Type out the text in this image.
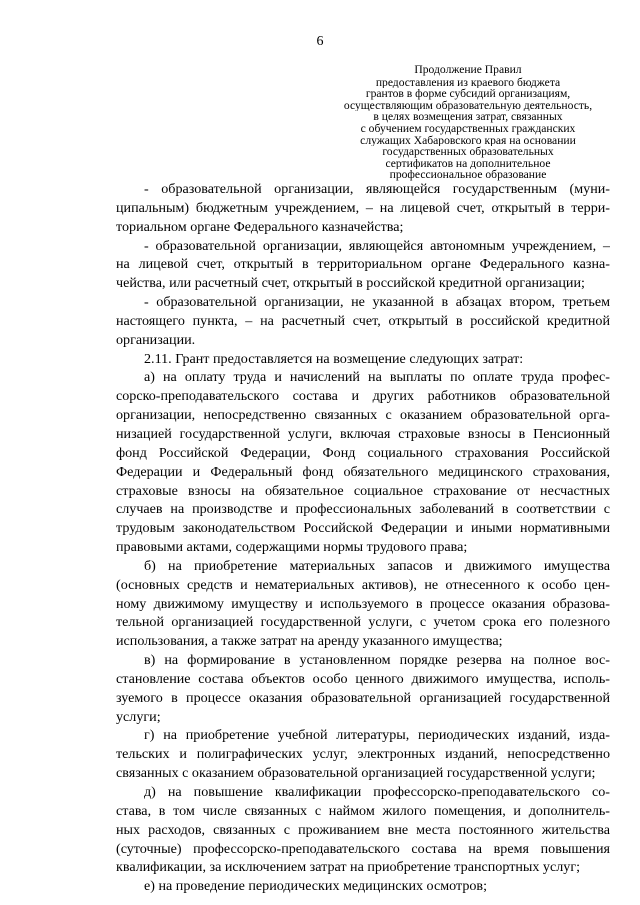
6
Продолжение Правил
предоставления из краевого бюджета
грантов в форме субсидий организациям,
осуществляющим образовательную деятельность,
в целях возмещения затрат, связанных
с обучением государственных гражданских
служащих Хабаровского края на основании
государственных образовательных
сертификатов на дополнительное
профессиональное образование
- образовательной организации, являющейся государственным (муни-
ципальным) бюджетным учреждением, – на лицевой счет, открытый в терри-
ториальном органе Федерального казначейства;
- образовательной организации, являющейся автономным учреждением, –
на лицевой счет, открытый в территориальном органе Федерального казна-
чейства, или расчетный счет, открытый в российской кредитной организации;
- образовательной организации, не указанной в абзацах втором, третьем
настоящего пункта, – на расчетный счет, открытый в российской кредитной
организации.
2.11. Грант предоставляется на возмещение следующих затрат:
а) на оплату труда и начислений на выплаты по оплате труда профес-
сорско-преподавательского состава и других работников образовательной
организации, непосредственно связанных с оказанием образовательной орга-
низацией государственной услуги, включая страховые взносы в Пенсионный
фонд Российской Федерации, Фонд социального страхования Российской
Федерации и Федеральный фонд обязательного медицинского страхования,
страховые взносы на обязательное социальное страхование от несчастных
случаев на производстве и профессиональных заболеваний в соответствии с
трудовым законодательством Российской Федерации и иными нормативными
правовыми актами, содержащими нормы трудового права;
б) на приобретение материальных запасов и движимого имущества
(основных средств и нематериальных активов), не отнесенного к особо цен-
ному движимому имуществу и используемого в процессе оказания образова-
тельной организацией государственной услуги, с учетом срока его полезного
использования, а также затрат на аренду указанного имущества;
в) на формирование в установленном порядке резерва на полное вос-
становление состава объектов особо ценного движимого имущества, исполь-
зуемого в процессе оказания образовательной организацией государственной
услуги;
г) на приобретение учебной литературы, периодических изданий, изда-
тельских и полиграфических услуг, электронных изданий, непосредственно
связанных с оказанием образовательной организацией государственной услуги;
д) на повышение квалификации профессорско-преподавательского со-
става, в том числе связанных с наймом жилого помещения, и дополнитель-
ных расходов, связанных с проживанием вне места постоянного жительства
(суточные) профессорско-преподавательского состава на время повышения
квалификации, за исключением затрат на приобретение транспортных услуг;
е) на проведение периодических медицинских осмотров;
